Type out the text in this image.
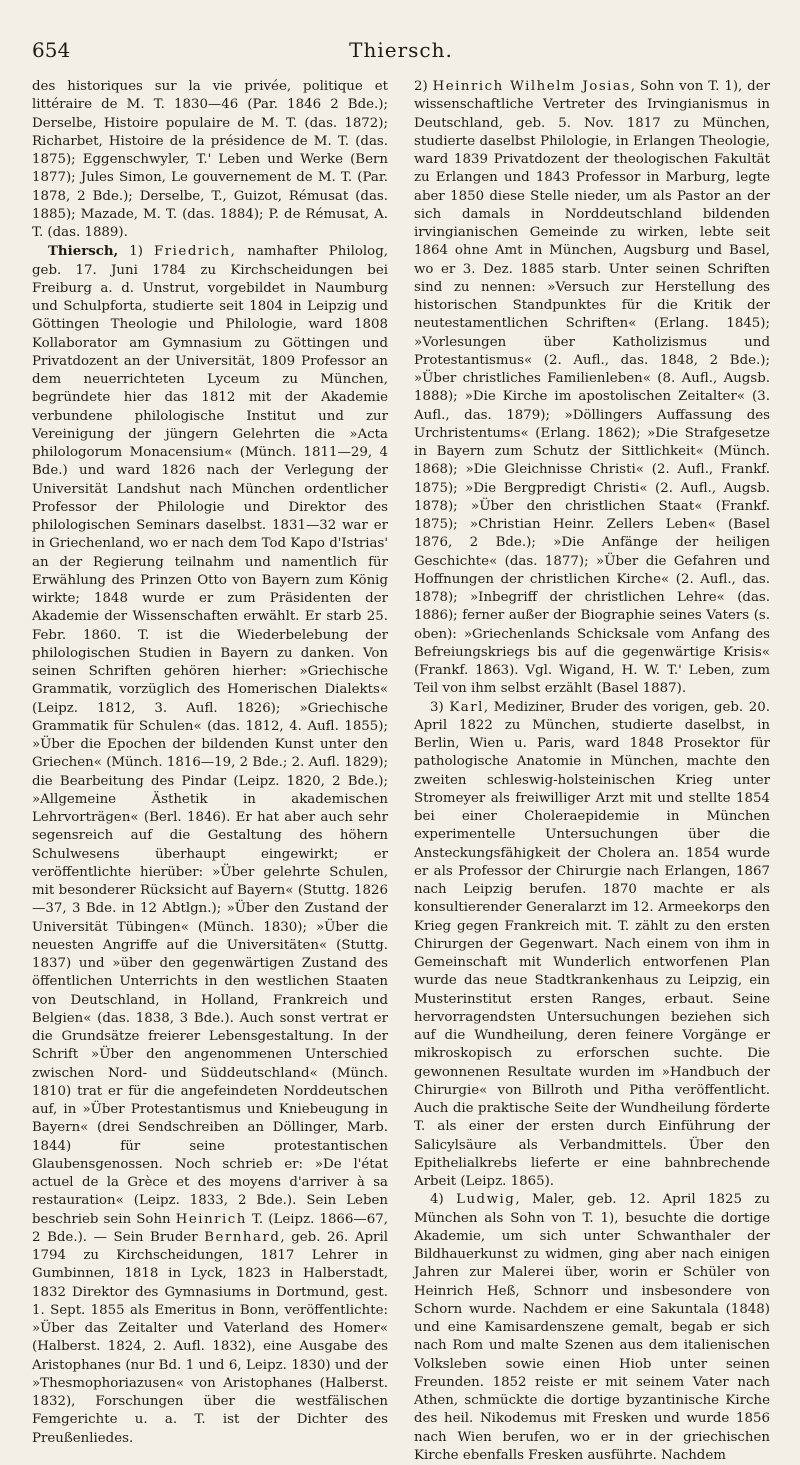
654	Thiersch.

des historiques sur la vie privée, politique et littéraire de M. T. 1830—46 (Par. 1846 2 Bde.); Derselbe, Histoire populaire de M. T. (das. 1872); Richarbet, Histoire de la présidence de M. T. (das. 1875); Eggenschwyler, T.' Leben und Werke (Bern 1877); Jules Simon, Le gouvernement de M. T. (Par. 1878, 2 Bde.); Derselbe, T., Guizot, Rémusat (das. 1885); Mazade, M. T. (das. 1884); P. de Rémusat, A. T. (das. 1889).

Thiersch, 1) Friedrich, namhafter Philolog, geb. 17. Juni 1784 zu Kirchscheidungen bei Freiburg a. d. Unstrut, vorgebildet in Naumburg und Schulpforta, studierte seit 1804 in Leipzig und Göttingen Theologie und Philologie, ward 1808 Kollaborator am Gymnasium zu Göttingen und Privatdozent an der Universität, 1809 Professor an dem neuerrichteten Lyceum zu München, begründete hier das 1812 mit der Akademie verbundene philologische Institut und zur Vereinigung der jüngern Gelehrten die »Acta philologorum Monacensium« (Münch. 1811—29, 4 Bde.) und ward 1826 nach der Verlegung der Universität Landshut nach München ordentlicher Professor der Philologie und Direktor des philologischen Seminars daselbst. 1831—32 war er in Griechenland, wo er nach dem Tod Kapo d'Istrias' an der Regierung teilnahm und namentlich für Erwählung des Prinzen Otto von Bayern zum König wirkte; 1848 wurde er zum Präsidenten der Akademie der Wissenschaften erwählt. Er starb 25. Febr. 1860. T. ist die Wiederbelebung der philologischen Studien in Bayern zu danken. Von seinen Schriften gehören hierher: »Griechische Grammatik, vorzüglich des Homerischen Dialekts« (Leipz. 1812, 3. Aufl. 1826); »Griechische Grammatik für Schulen« (das. 1812, 4. Aufl. 1855); »Über die Epochen der bildenden Kunst unter den Griechen« (Münch. 1816—19, 2 Bde.; 2. Aufl. 1829); die Bearbeitung des Pindar (Leipz. 1820, 2 Bde.); »Allgemeine Ästhetik in akademischen Lehrvorträgen« (Berl. 1846). Er hat aber auch sehr segensreich auf die Gestaltung des höhern Schulwesens überhaupt eingewirkt; er veröffentlichte hierüber: »Über gelehrte Schulen, mit besonderer Rücksicht auf Bayern« (Stuttg. 1826—37, 3 Bde. in 12 Abtlgn.); »Über den Zustand der Universität Tübingen« (Münch. 1830); »Über die neuesten Angriffe auf die Universitäten« (Stuttg. 1837) und »über den gegenwärtigen Zustand des öffentlichen Unterrichts in den westlichen Staaten von Deutschland, in Holland, Frankreich und Belgien« (das. 1838, 3 Bde.). Auch sonst vertrat er die Grundsätze freierer Lebensgestaltung. In der Schrift »Über den angenommenen Unterschied zwischen Nord- und Süddeutschland« (Münch. 1810) trat er für die angefeindeten Norddeutschen auf, in »Über Protestantismus und Kniebeugung in Bayern« (drei Sendschreiben an Döllinger, Marb. 1844) für seine protestantischen Glaubensgenossen. Noch schrieb er: »De l'état actuel de la Grèce et des moyens d'arriver à sa restauration« (Leipz. 1833, 2 Bde.). Sein Leben beschrieb sein Sohn Heinrich T. (Leipz. 1866—67, 2 Bde.). — Sein Bruder Bernhard, geb. 26. April 1794 zu Kirchscheidungen, 1817 Lehrer in Gumbinnen, 1818 in Lyck, 1823 in Halberstadt, 1832 Direktor des Gymnasiums in Dortmund, gest. 1. Sept. 1855 als Emeritus in Bonn, veröffentlichte: »Über das Zeitalter und Vaterland des Homer« (Halberst. 1824, 2. Aufl. 1832), eine Ausgabe des Aristophanes (nur Bd. 1 und 6, Leipz. 1830) und der »Thesmophoriazusen« von Aristophanes (Halberst. 1832), Forschungen über die westfälischen Femgerichte u. a. T. ist der Dichter des Preußenliedes.

2) Heinrich Wilhelm Josias, Sohn von T. 1), der wissenschaftliche Vertreter des Irvingianismus in Deutschland, geb. 5. Nov. 1817 zu München, studierte daselbst Philologie, in Erlangen Theologie, ward 1839 Privatdozent der theologischen Fakultät zu Erlangen und 1843 Professor in Marburg, legte aber 1850 diese Stelle nieder, um als Pastor an der sich damals in Norddeutschland bildenden irvingianischen Gemeinde zu wirken, lebte seit 1864 ohne Amt in München, Augsburg und Basel, wo er 3. Dez. 1885 starb. Unter seinen Schriften sind zu nennen: »Versuch zur Herstellung des historischen Standpunktes für die Kritik der neutestamentlichen Schriften« (Erlang. 1845); »Vorlesungen über Katholizismus und Protestantismus« (2. Aufl., das. 1848, 2 Bde.); »Über christliches Familienleben« (8. Aufl., Augsb. 1888); »Die Kirche im apostolischen Zeitalter« (3. Aufl., das. 1879); »Döllingers Auffassung des Urchristentums« (Erlang. 1862); »Die Strafgesetze in Bayern zum Schutz der Sittlichkeit« (Münch. 1868); »Die Gleichnisse Christi« (2. Aufl., Frankf. 1875); »Die Bergpredigt Christi« (2. Aufl., Augsb. 1878); »Über den christlichen Staat« (Frankf. 1875); »Christian Heinr. Zellers Leben« (Basel 1876, 2 Bde.); »Die Anfänge der heiligen Geschichte« (das. 1877); »Über die Gefahren und Hoffnungen der christlichen Kirche« (2. Aufl., das. 1878); »Inbegriff der christlichen Lehre« (das. 1886); ferner außer der Biographie seines Vaters (s. oben): »Griechenlands Schicksale vom Anfang des Befreiungskriegs bis auf die gegenwärtige Krisis« (Frankf. 1863). Vgl. Wigand, H. W. T.' Leben, zum Teil von ihm selbst erzählt (Basel 1887).

3) Karl, Mediziner, Bruder des vorigen, geb. 20. April 1822 zu München, studierte daselbst, in Berlin, Wien u. Paris, ward 1848 Prosektor für pathologische Anatomie in München, machte den zweiten schleswig-holsteinischen Krieg unter Stromeyer als freiwilliger Arzt mit und stellte 1854 bei einer Choleraepidemie in München experimentelle Untersuchungen über die Ansteckungsfähigkeit der Cholera an. 1854 wurde er als Professor der Chirurgie nach Erlangen, 1867 nach Leipzig berufen. 1870 machte er als konsultierender Generalarzt im 12. Armeekorps den Krieg gegen Frankreich mit. T. zählt zu den ersten Chirurgen der Gegenwart. Nach einem von ihm in Gemeinschaft mit Wunderlich entworfenen Plan wurde das neue Stadtkrankenhaus zu Leipzig, ein Musterinstitut ersten Ranges, erbaut. Seine hervorragendsten Untersuchungen beziehen sich auf die Wundheilung, deren feinere Vorgänge er mikroskopisch zu erforschen suchte. Die gewonnenen Resultate wurden im »Handbuch der Chirurgie« von Billroth und Pitha veröffentlicht. Auch die praktische Seite der Wundheilung förderte T. als einer der ersten durch Einführung der Salicylsäure als Verbandmittels. Über den Epithelialkrebs lieferte er eine bahnbrechende Arbeit (Leipz. 1865).

4) Ludwig, Maler, geb. 12. April 1825 zu München als Sohn von T. 1), besuchte die dortige Akademie, um sich unter Schwanthaler der Bildhauerkunst zu widmen, ging aber nach einigen Jahren zur Malerei über, worin er Schüler von Heinrich Heß, Schnorr und insbesondere von Schorn wurde. Nachdem er eine Sakuntala (1848) und eine Kamisardenszene gemalt, begab er sich nach Rom und malte Szenen aus dem italienischen Volksleben sowie einen Hiob unter seinen Freunden. 1852 reiste er mit seinem Vater nach Athen, schmückte die dortige byzantinische Kirche des heil. Nikodemus mit Fresken und wurde 1856 nach Wien berufen, wo er in der griechischen Kirche ebenfalls Fresken ausführte. Nachdem
